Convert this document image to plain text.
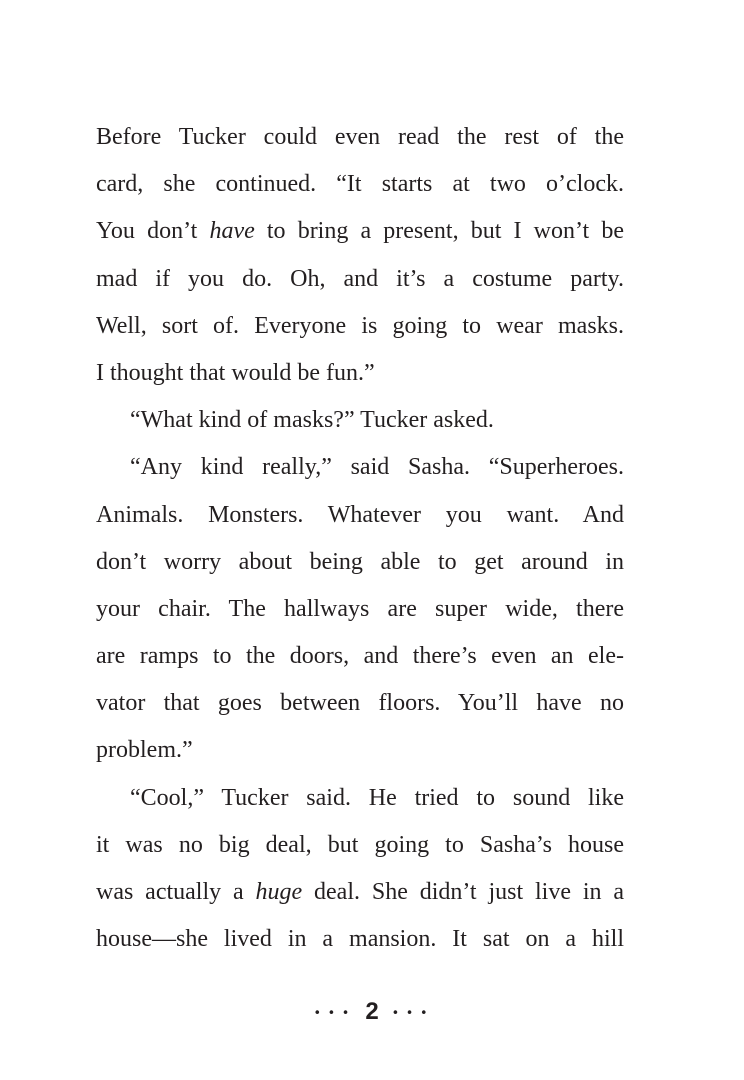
Before Tucker could even read the rest of the
card, she continued. “It starts at two o’clock.
You don’t have to bring a present, but I won’t be
mad if you do. Oh, and it’s a costume party.
Well, sort of. Everyone is going to wear masks.
I thought that would be fun.”
“What kind of masks?” Tucker asked.
“Any kind really,” said Sasha. “Superheroes.
Animals. Monsters. Whatever you want. And
don’t worry about being able to get around in
your chair. The hallways are super wide, there
are ramps to the doors, and there’s even an ele-
vator that goes between floors. You’ll have no
problem.”
“Cool,” Tucker said. He tried to sound like
it was no big deal, but going to Sasha’s house
was actually a huge deal. She didn’t just live in a
house—she lived in a mansion. It sat on a hill
• • • 2 • • •
